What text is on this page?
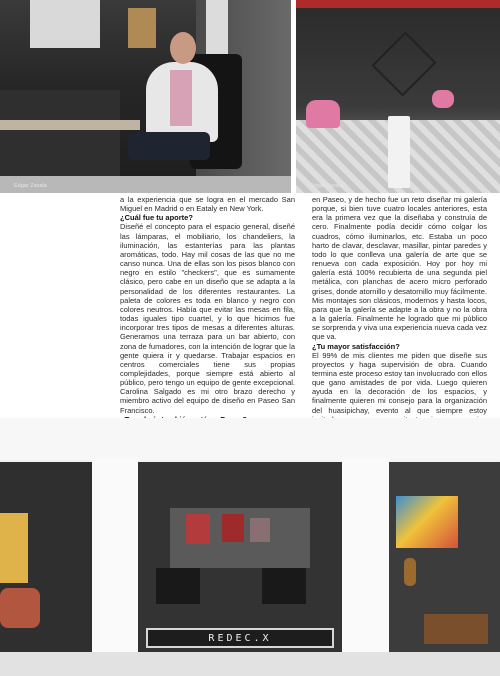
Edgar Zavala	Edgar Zavala

a la experiencia que se logra en el mercado San Miguel en Madrid o en Eataly en New York.

¿Cuál fue tu aporte?

Diseñé el concepto para el espacio general, diseñé las lámparas, el mobiliario, los chandeliers, la iluminación, las estanterías para las plantas aromáticas, todo. Hay mil cosas de las que no me canso nunca. Una de ellas son los pisos blanco con negro en estilo "checkers", que es sumamente clásico, pero cabe en un diseño que se adapta a la personalidad de los diferentes restaurantes. La paleta de colores es toda en blanco y negro con colores neutros. Había que evitar las mesas en fila, todas iguales tipo cuartel, y lo que hicimos fue incorporar tres tipos de mesas a diferentes alturas. Generamos una terraza para un bar abierto, con zona de fumadores, con la intención de lograr que la gente quiera ir y quedarse. Trabajar espacios en centros comerciales tiene sus propias complejidades, porque siempre está abierto al público, pero tengo un equipo de gente excepcional. Carolina Salgado es mi otro brazo derecho y miembro activo del equipo de diseño en Paseo San Francisco.

en Paseo, y de hecho fue un reto diseñar mi galería porque, si bien tuve cuatro locales anteriores, esta era la primera vez que la diseñaba y construía de cero. Finalmente podía decidir cómo colgar los cuadros, cómo iluminarlos, etc. Estaba un poco harto de clavar, desclavar, masillar, pintar paredes y todo lo que conlleva una galería de arte que se renueva con cada exposición. Hoy por hoy mi galería está 100% recubierta de una segunda piel metálica, con planchas de acero micro perforado grises, donde atornillo y desatornillo muy fácilmente. Mis montajes son clásicos, modernos y hasta locos, para que la galería se adapte a la obra y no la obra a la galería. Finalmente he logrado que mi público se sorprenda y viva una experiencia nueva cada vez que va.

¿Tu mayor satisfacción?

El 99% de mis clientes me piden que diseñe sus proyectos y haga supervisión de obra. Cuando termina este proceso estoy tan involucrado con ellos que gano amistades de por vida. Luego quieren ayuda en la decoración de los espacios, y finalmente quieren mi consejo para la organización del huasipichay, evento al que siempre estoy

REDEC.X
